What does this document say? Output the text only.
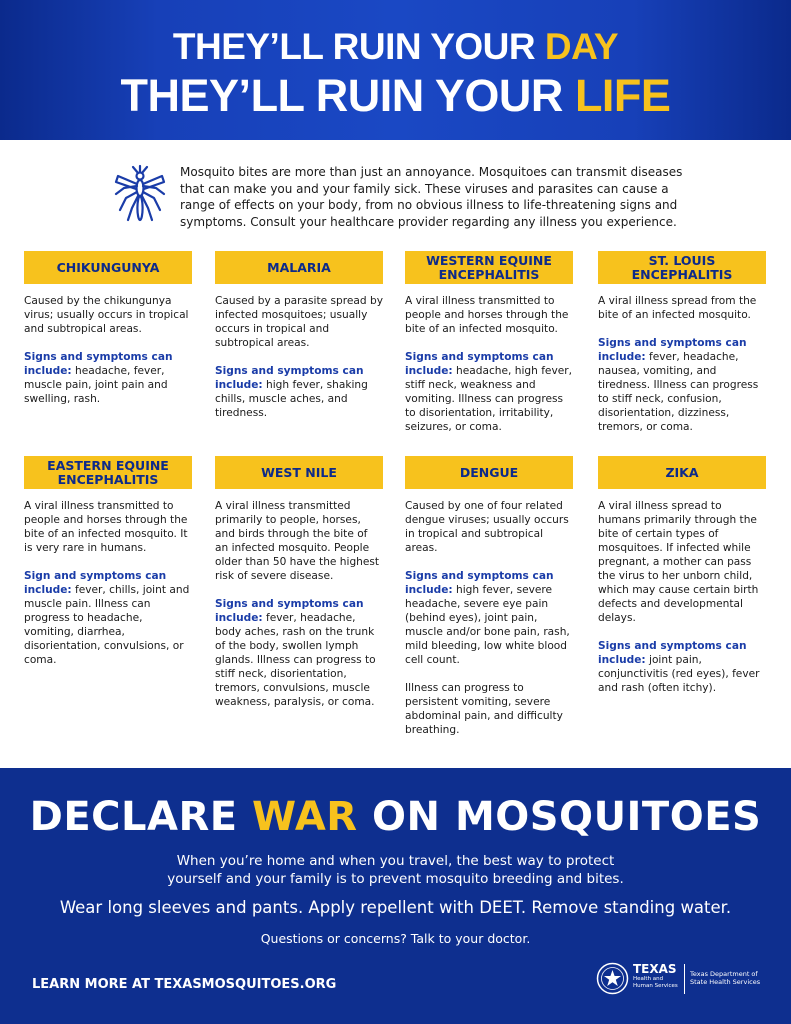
THEY’LL RUIN YOUR DAY
THEY’LL RUIN YOUR LIFE

Mosquito bites are more than just an annoyance. Mosquitoes can transmit diseases that can make you and your family sick. These viruses and parasites can cause a range of effects on your body, from no obvious illness to life-threatening signs and symptoms. Consult your healthcare provider regarding any illness you experience.

CHIKUNGUNYA

Caused by the chikungunya virus; usually occurs in tropical and subtropical areas.

Signs and symptoms can include: headache, fever, muscle pain, joint pain and swelling, rash.

MALARIA

Caused by a parasite spread by infected mosquitoes; usually occurs in tropical and subtropical areas.

Signs and symptoms can include: high fever, shaking chills, muscle aches, and tiredness.

WESTERN EQUINE ENCEPHALITIS

A viral illness transmitted to people and horses through the bite of an infected mosquito.

Signs and symptoms can include: headache, high fever, stiff neck, weakness and vomiting. Illness can progress to disorientation, irritability, seizures, or coma.

ST. LOUIS ENCEPHALITIS

A viral illness spread from the bite of an infected mosquito.

Signs and symptoms can include: fever, headache, nausea, vomiting, and tiredness. Illness can progress to stiff neck, confusion, disorientation, dizziness, tremors, or coma.

EASTERN EQUINE ENCEPHALITIS

A viral illness transmitted to people and horses through the bite of an infected mosquito. It is very rare in humans.

Sign and symptoms can include: fever, chills, joint and muscle pain. Illness can progress to headache, vomiting, diarrhea, disorientation, convulsions, or coma.

WEST NILE

A viral illness transmitted primarily to people, horses, and birds through the bite of an infected mosquito. People older than 50 have the highest risk of severe disease.

Signs and symptoms can include: fever, headache, body aches, rash on the trunk of the body, swollen lymph glands. Illness can progress to stiff neck, disorientation, tremors, convulsions, muscle weakness, paralysis, or coma.

DENGUE

Caused by one of four related dengue viruses; usually occurs in tropical and subtropical areas.

Signs and symptoms can include: high fever, severe headache, severe eye pain (behind eyes), joint pain, muscle and/or bone pain, rash, mild bleeding, low white blood cell count.

Illness can progress to persistent vomiting, severe abdominal pain, and difficulty breathing.

ZIKA

A viral illness spread to humans primarily through the bite of certain types of mosquitoes. If infected while pregnant, a mother can pass the virus to her unborn child, which may cause certain birth defects and developmental delays.

Signs and symptoms can include: joint pain, conjunctivitis (red eyes), fever and rash (often itchy).

DECLARE WAR ON MOSQUITOES
When you’re home and when you travel, the best way to protect
yourself and your family is to prevent mosquito breeding and bites.
Wear long sleeves and pants. Apply repellent with DEET. Remove standing water.
Questions or concerns? Talk to your doctor.
LEARN MORE AT TEXASMOSQUITOES.ORG
TEXAS
Health and Human Services
Texas Department of State Health Services
